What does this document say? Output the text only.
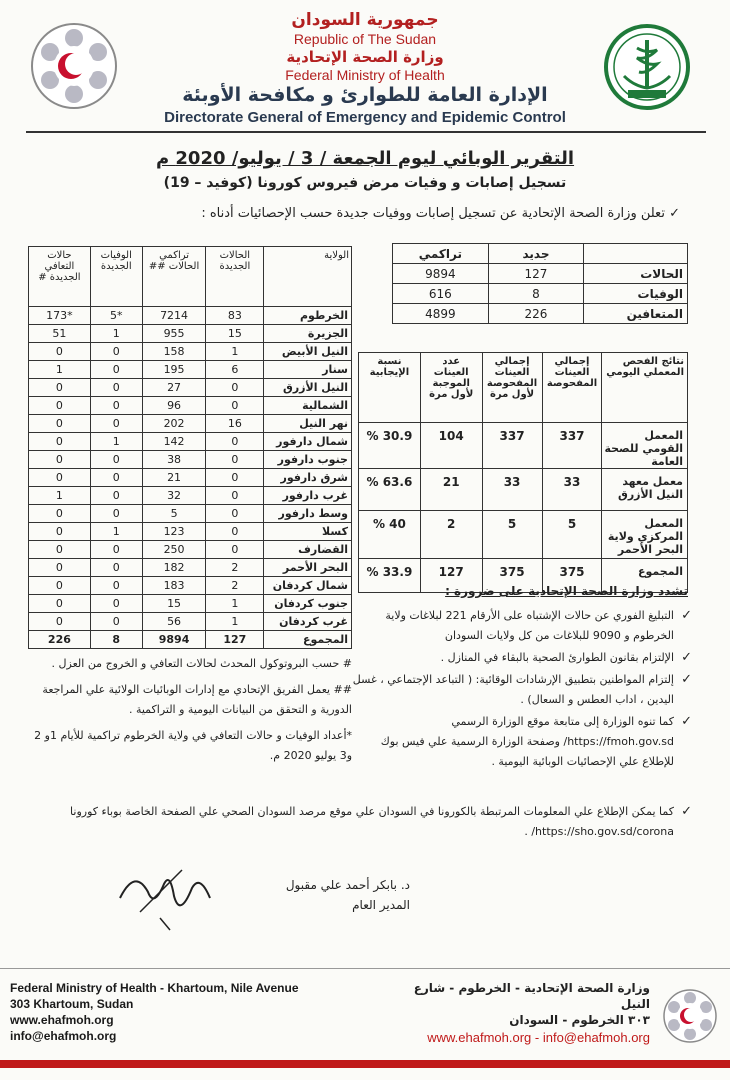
جمهورية السودان
Republic of The Sudan
وزارة الصحة الإتحادية
Federal Ministry of Health
الإدارة العامة للطوارئ و مكافحة الأوبئة
Directorate General of Emergency and Epidemic Control
التقرير الوبائي ليوم الجمعة / 3 / يوليو/ 2020 م
تسجيل إصابات و وفيات مرض فيروس كورونا (كوفيد – 19)
✓ تعلن وزارة الصحة الإتحادية عن تسجيل إصابات ووفيات جديدة حسب الإحصائيات أدناه :
الولاية	الحالات الجديدة	تراكمي الحالات ##	الوفيات الجديدة	حالات التعافي الجديدة #
الخرطوم	83	7214	*5	*173
الجزيرة	15	955	1	51
النيل الأبيض	1	158	0	0
سنار	6	195	0	1
النيل الأزرق	0	27	0	0
الشمالية	0	96	0	0
نهر النيل	16	202	0	0
شمال دارفور	0	142	1	0
جنوب دارفور	0	38	0	0
شرق دارفور	0	21	0	0
غرب دارفور	0	32	0	1
وسط دارفور	0	5	0	0
كسلا	0	123	1	0
القضارف	0	250	0	0
البحر الأحمر	2	182	0	0
شمال كردفان	2	183	0	0
جنوب كردفان	1	15	0	0
غرب كردفان	1	56	0	0
المجموع	127	9894	8	226
	جديد	تراكمي
الحالات	127	9894
الوفيات	8	616
المتعافين	226	4899
نتائج الفحص المعملي اليومي	إجمالي العينات المفحوصة	إجمالي العينات المفحوصة لأول مرة	عدد العينات الموجبة لأول مرة	نسبة الإيجابية
المعمل القومي للصحة العامة	337	337	104	30.9 %
معمل معهد النيل الأزرق	33	33	21	63.6 %
المعمل المركزي ولاية البحر الأحمر	5	5	2	40 %
المجموع	375	375	127	33.9 %
تشدد وزارة الصحة الإتحادية على ضرورة :
✓
التبليغ الفوري عن حالات الإشتباه على الأرقام 221 لبلاغات ولاية الخرطوم و 9090 للبلاغات من كل ولايات السودان
✓
الإلتزام بقانون الطوارئ الصحية بالبقاء في المنازل .
✓
إلتزام المواطنين بتطبيق الإرشادات الوقائية: ( التباعد الإجتماعي ، غسل اليدين ، اداب العطس و السعال) .
✓
كما تنوه الوزارة إلى متابعة موقع الوزارة الرسمي https://fmoh.gov.sd/ وصفحة الوزارة الرسمية علي فيس بوك للإطلاع علي الإحصائيات الوبائية اليومية .
# حسب البروتوكول المحدث لحالات التعافي و الخروج من العزل .
## يعمل الفريق الإتحادي مع إدارات الوبائيات الولائية علي المراجعة الدورية و التحقق من البيانات اليومية و التراكمية .
*أعداد الوفيات و حالات التعافي في ولاية الخرطوم تراكمية للأيام 1و 2 و3 يوليو 2020 م.
✓
كما يمكن الإطلاع علي المعلومات المرتبطة بالكورونا في السودان علي موقع مرصد السودان الصحي علي الصفحة الخاصة بوباء كورونا https://sho.gov.sd/corona/ .
د. بابكر أحمد علي مقبول
المدير العام
Federal Ministry of Health - Khartoum, Nile Avenue
303 Khartoum, Sudan
www.ehafmoh.org
info@ehafmoh.org
وزارة الصحة الإتحادية - الخرطوم - شارع النيل
٣٠٣ الخرطوم - السودان
www.ehafmoh.org - info@ehafmoh.org
